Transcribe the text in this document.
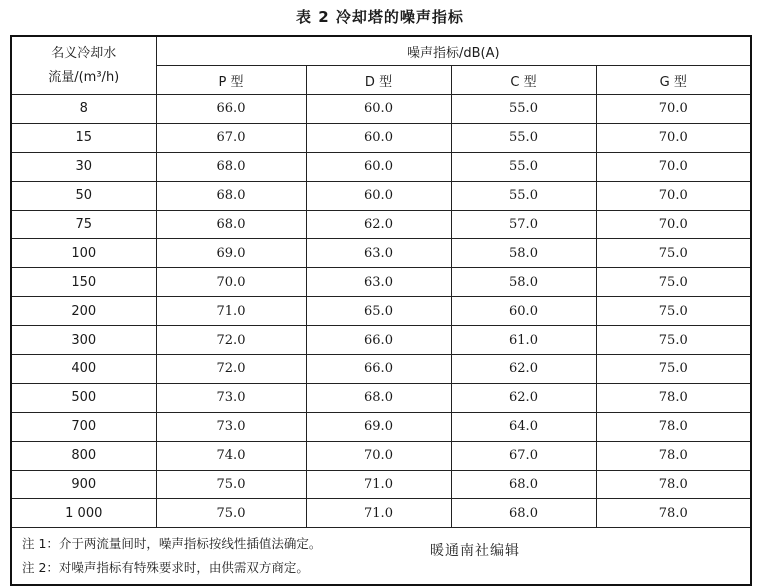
表 2 冷却塔的噪声指标
名义冷却水
流量/(m³/h)	噪声指标/dB(A)			
	P 型	D 型	C 型	G 型
8	66.0	60.0	55.0	70.0
15	67.0	60.0	55.0	70.0
30	68.0	60.0	55.0	70.0
50	68.0	60.0	55.0	70.0
75	68.0	62.0	57.0	70.0
100	69.0	63.0	58.0	75.0
150	70.0	63.0	58.0	75.0
200	71.0	65.0	60.0	75.0
300	72.0	66.0	61.0	75.0
400	72.0	66.0	62.0	75.0
500	73.0	68.0	62.0	78.0
700	73.0	69.0	64.0	78.0
800	74.0	70.0	67.0	78.0
900	75.0	71.0	68.0	78.0
1 000	75.0	71.0	68.0	78.0

注 1：介于两流量间时，噪声指标按线性插值法确定。
注 2：对噪声指标有特殊要求时，由供需双方商定。
暖通南社编辑				
